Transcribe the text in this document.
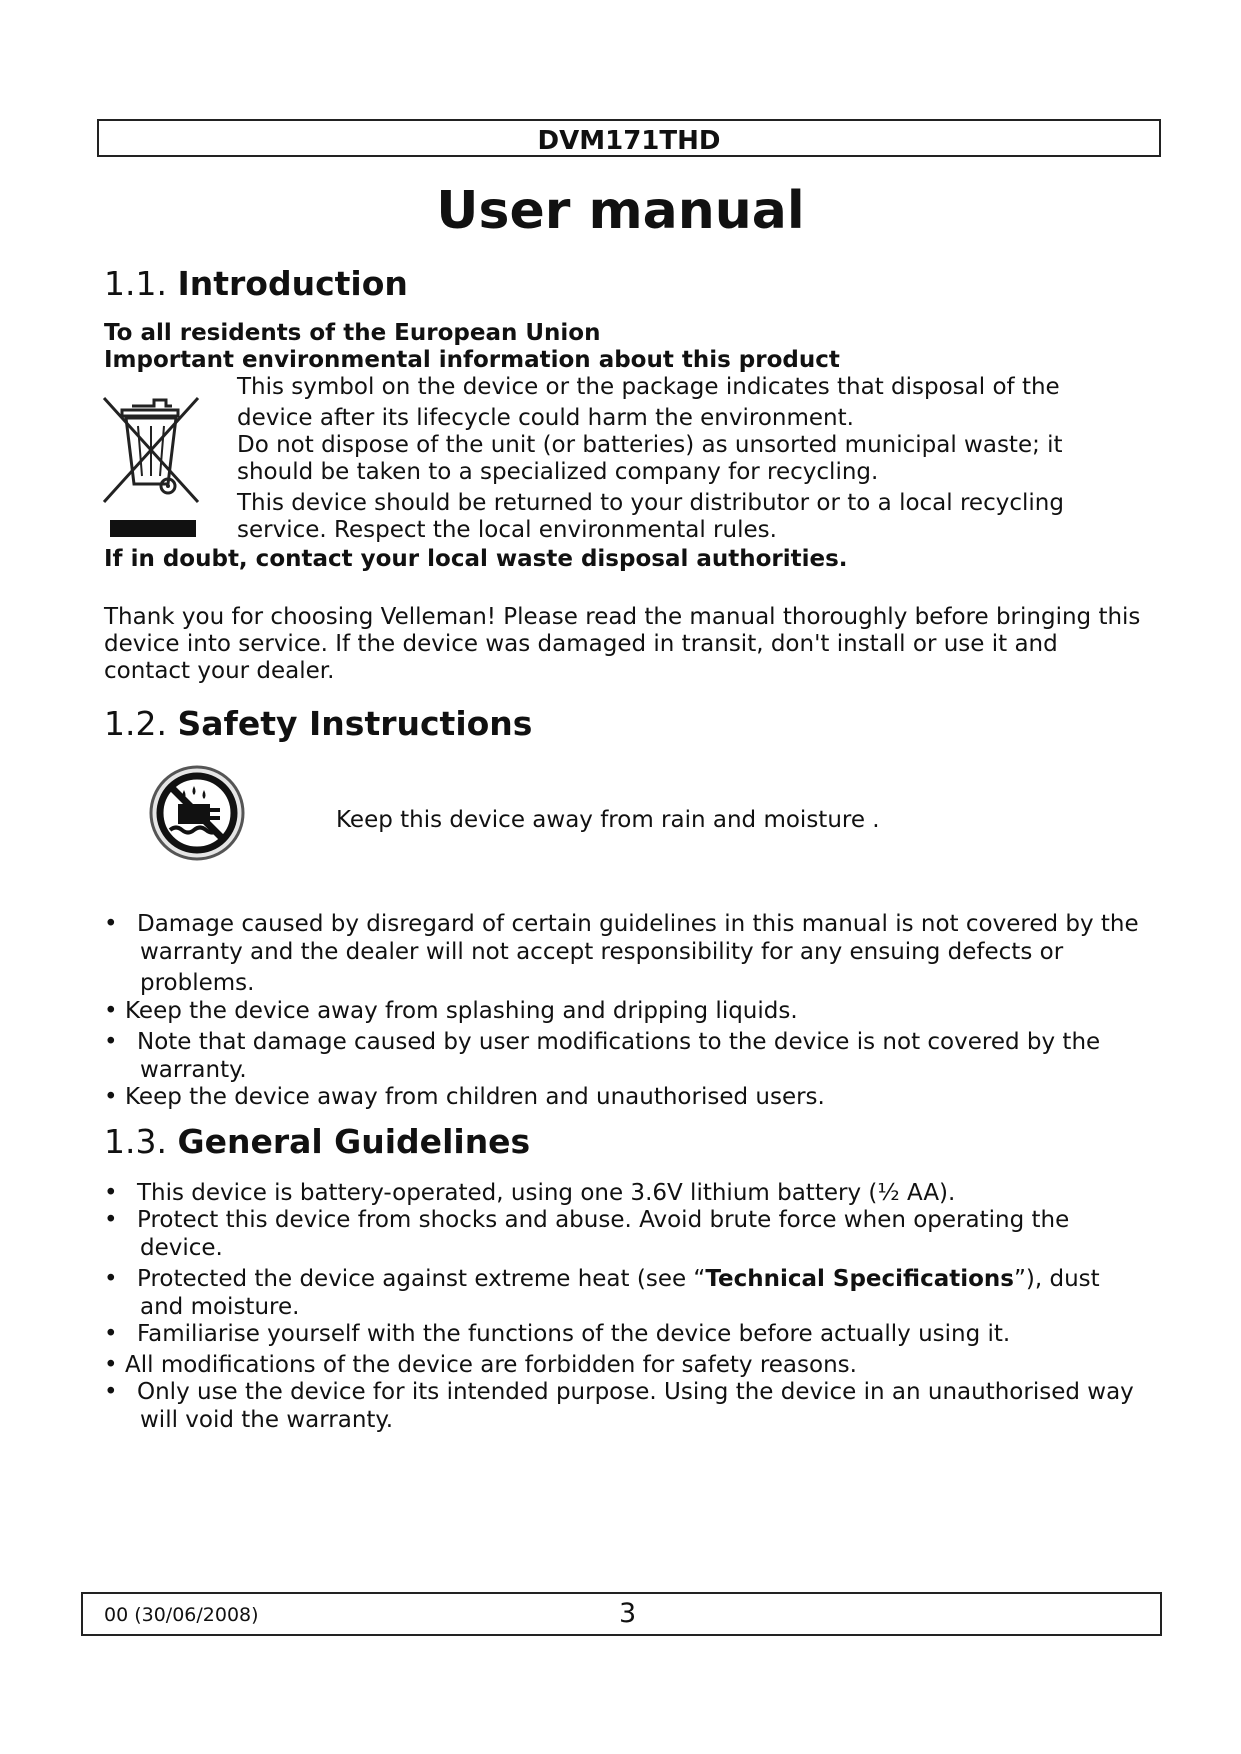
DVM171THD
User manual
1.1. Introduction
To all residents of the European Union
Important environmental information about this product
This symbol on the device or the package indicates that disposal of the
device after its lifecycle could harm the environment.
Do not dispose of the unit (or batteries) as unsorted municipal waste; it
should be taken to a specialized company for recycling.
This device should be returned to your distributor or to a local recycling
service. Respect the local environmental rules.
If in doubt, contact your local waste disposal authorities.
Thank you for choosing Velleman! Please read the manual thoroughly before bringing this
device into service. If the device was damaged in transit, don't install or use it and
contact your dealer.
1.2. Safety Instructions
Keep this device away from rain and moisture .
• Damage caused by disregard of certain guidelines in this manual is not covered by the
warranty and the dealer will not accept responsibility for any ensuing defects or
problems.
• Keep the device away from splashing and dripping liquids.
• Note that damage caused by user modifications to the device is not covered by the
warranty.
• Keep the device away from children and unauthorised users.
1.3. General Guidelines
• This device is battery-operated, using one 3.6V lithium battery (½ AA).
• Protect this device from shocks and abuse. Avoid brute force when operating the
device.
• Protected the device against extreme heat (see “Technical Specifications”), dust
and moisture.
• Familiarise yourself with the functions of the device before actually using it.
• All modifications of the device are forbidden for safety reasons.
• Only use the device for its intended purpose. Using the device in an unauthorised way
will void the warranty.
00 (30/06/2008)	3
